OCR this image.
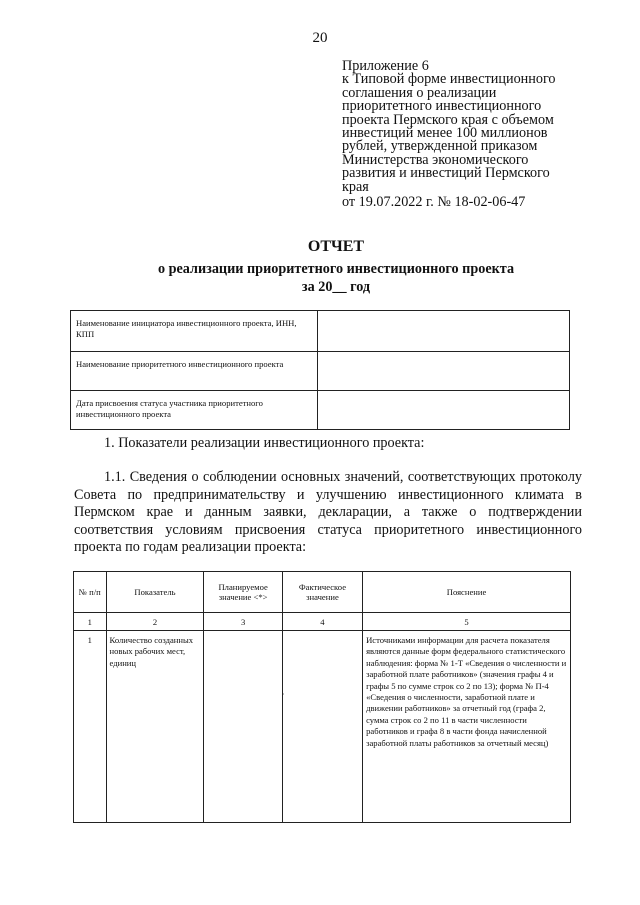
20
Приложение 6
к Типовой форме инвестиционного
соглашения о реализации
приоритетного инвестиционного
проекта Пермского края с объемом
инвестиций менее 100 миллионов
рублей, утвержденной приказом
Министерства экономического
развития и инвестиций Пермского
края
от 19.07.2022 г. № 18-02-06-47
ОТЧЕТ
о реализации приоритетного инвестиционного проекта
за 20__ год
Наименование инициатора инвестиционного проекта, ИНН, КПП	
Наименование приоритетного инвестиционного проекта	
Дата присвоения статуса участника приоритетного инвестиционного проекта	
1. Показатели реализации инвестиционного проекта:
1.1. Сведения о соблюдении основных значений, соответствующих протоколу Совета по предпринимательству и улучшению инвестиционного климата в Пермском крае и данным заявки, декларации, а также о подтверждении соответствия условиям присвоения статуса приоритетного инвестиционного проекта по годам реализации проекта:
№ п/п	Показатель	Планируемое значение <*>	Фактическое значение	Пояснение
1	2	3	4	5
1	Количество созданных новых рабочих мест, единиц			Источниками информации для расчета показателя являются данные форм федерального статистического наблюдения: форма № 1-Т «Сведения о численности и заработной плате работников» (значения графы 4 и графы 5 по сумме строк со 2 по 13); форма № П-4 «Сведения о численности, заработной плате и движении работников» за отчетный год (графа 2, сумма строк со 2 по 11 в части численности работников и графа 8 в части фонда начисленной заработной платы работников за отчетный месяц)
·
